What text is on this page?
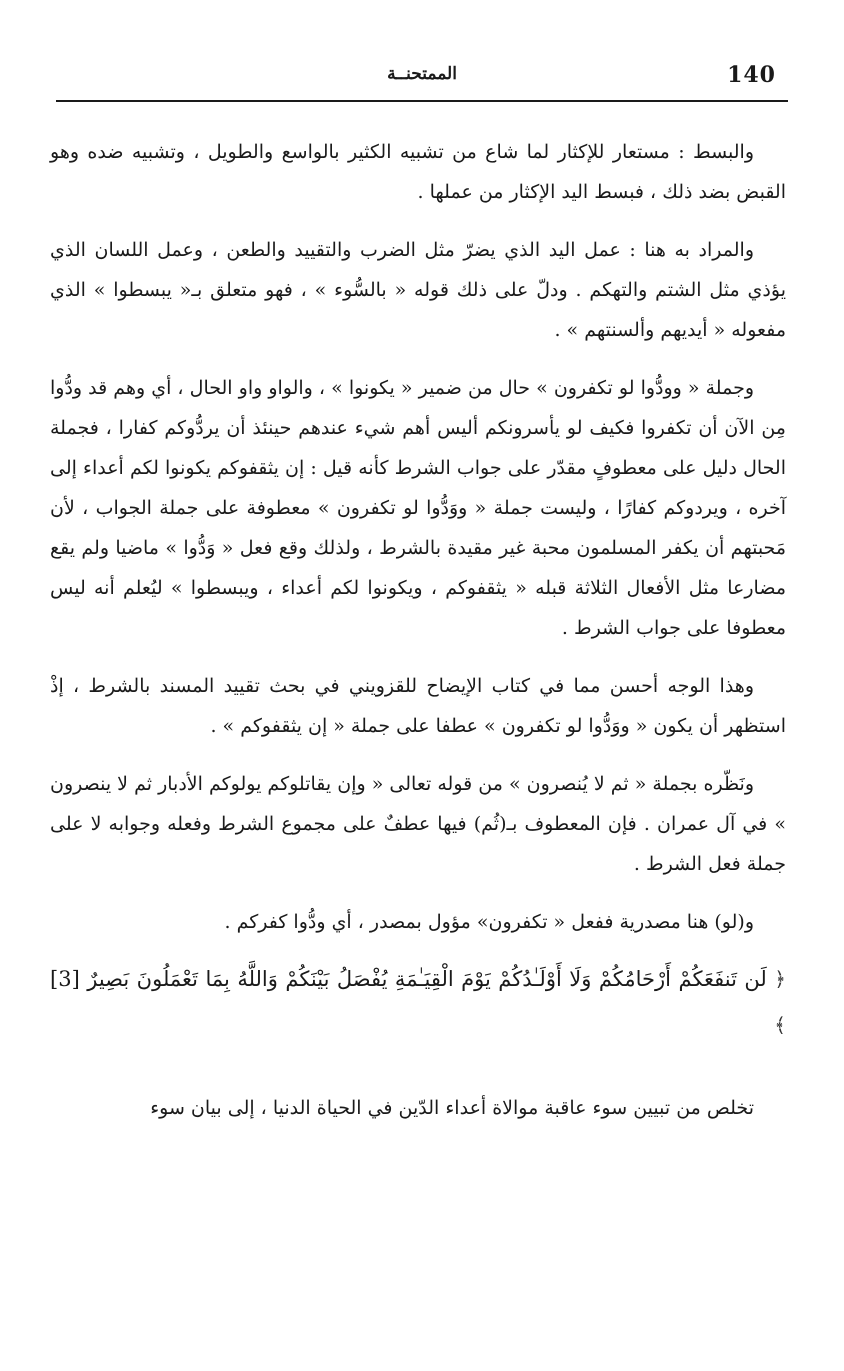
140
الممتحنــة

والبسط : مستعار للإكثار لما شاع من تشبيه الكثير بالواسع والطويل ، وتشبيه ضده وهو القبض بضد ذلك ، فبسط اليد الإكثار من عملها .

والمراد به هنا : عمل اليد الذي يضرّ مثل الضرب والتقييد والطعن ، وعمل اللسان الذي يؤذي مثل الشتم والتهكم . ودلّ على ذلك قوله « بالسُّوء » ، فهو متعلق بـ« يبسطوا » الذي مفعوله « أيديهم وألسنتهم » .

وجملة « وودُّوا لو تكفرون » حال من ضمير « يكونوا » ، والواو واو الحال ، أي وهم قد ودُّوا مِن الآن أن تكفروا فكيف لو يأسرونكم أليس أهم شيء عندهم حينئذ أن يردُّوكم كفارا ، فجملة الحال دليل على معطوفٍ مقدّر على جواب الشرط كأنه قيل : إن يثقفوكم يكونوا لكم أعداء إلى آخره ، ويردوكم كفارًا ، وليست جملة « ووَدُّوا لو تكفرون » معطوفة على جملة الجواب ، لأن مَحبتهم أن يكفر المسلمون محبة غير مقيدة بالشرط ، ولذلك وقع فعل « وَدُّوا » ماضيا ولم يقع مضارعا مثل الأفعال الثلاثة قبله « يثقفوكم ، ويكونوا لكم أعداء ، ويبسطوا » ليُعلم أنه ليس معطوفا على جواب الشرط .

وهذا الوجه أحسن مما في كتاب الإيضاح للقزويني في بحث تقييد المسند بالشرط ، إذْ استظهر أن يكون « ووَدُّوا لو تكفرون » عطفا على جملة « إن يثقفوكم » .

ونَظّره بجملة « ثم لا يُنصرون » من قوله تعالى « وإن يقاتلوكم يولوكم الأدبار ثم لا ينصرون » في آل عمران . فإن المعطوف بـ(ثُم) فيها عطفٌ على مجموع الشرط وفعله وجوابه لا على جملة فعل الشرط .

و(لو) هنا مصدرية ففعل « تكفرون» مؤول بمصدر ، أي ودُّوا كفركم .

﴿ لَن تَنفَعَكُمْ أَرْحَامُكُمْ وَلَا أَوْلَـٰدُكُمْ يَوْمَ الْقِيَـٰمَةِ يُفْصَلُ بَيْنَكُمْ وَاللَّهُ بِمَا تَعْمَلُونَ بَصِيرٌ [3] ﴾

تخلص من تبيين سوء عاقبة موالاة أعداء الدّين في الحياة الدنيا ، إلى بيان سوء
